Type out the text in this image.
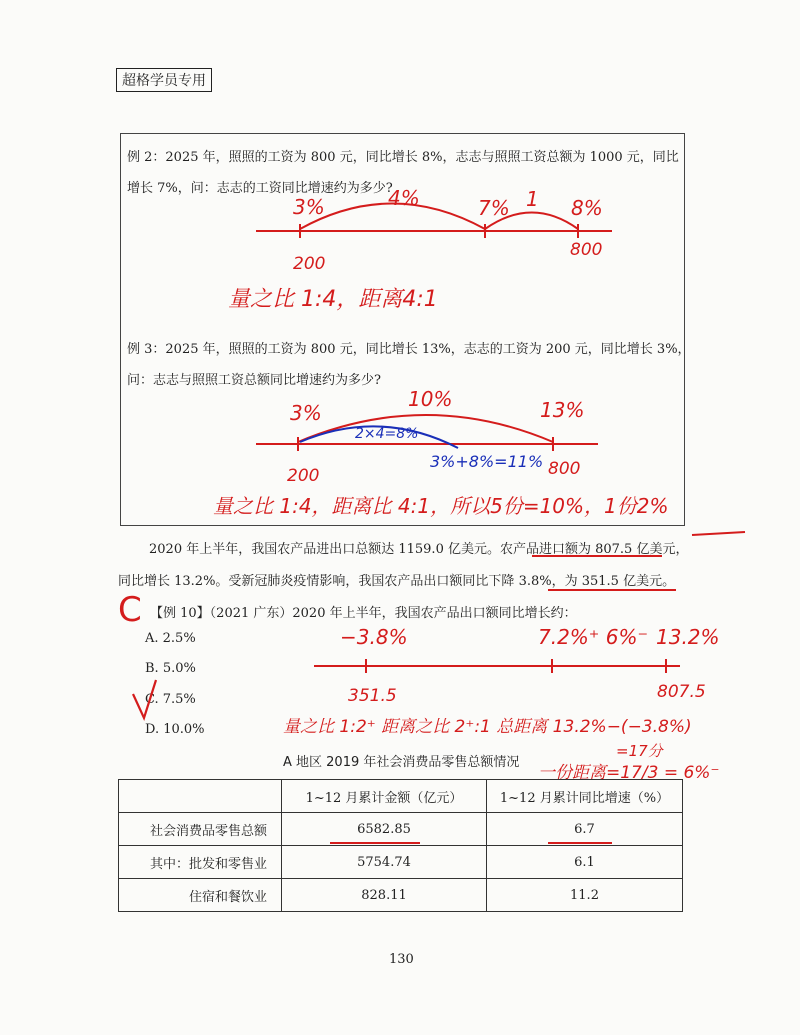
超格学员专用
例 2：2025 年，照照的工资为 800 元，同比增长 8%，志志与照照工资总额为 1000 元，同比
增长 7%，问：志志的工资同比增速约为多少?
例 3：2025 年，照照的工资为 800 元，同比增长 13%，志志的工资为 200 元，同比增长 3%，
问：志志与照照工资总额同比增速约为多少?
2020 年上半年，我国农产品进出口总额达 1159.0 亿美元。农产品进口额为 807.5 亿美元，
同比增长 13.2%。受新冠肺炎疫情影响，我国农产品出口额同比下降 3.8%，为 351.5 亿美元。
【例 10】（2021 广东）2020 年上半年，我国农产品出口额同比增长约：
A. 2.5%
B. 5.0%
C. 7.5%
D. 10.0%
3%	4%	7% 1 8%
200
800
量之比 1:4，距离4:1
3%
10%	13%
2×4=8%
3%+8%=11%
200	800
量之比 1:4，距离比 4:1，所以5份=10%，1份2%
C
−3.8%	7.2%⁺ 6%⁻ 13.2%
351.5	807.5
量之比 1:2⁺ 距离之比 2⁺:1 总距离 13.2%−(−3.8%)
=17分
一份距离=17/3 = 6%⁻
A 地区 2019 年社会消费品零售总额情况
	1~12 月累计金额（亿元）	1~12 月累计同比增速（%）
社会消费品零售总额	6582.85	6.7
其中：批发和零售业	5754.74	6.1
住宿和餐饮业	828.11	11.2
130
